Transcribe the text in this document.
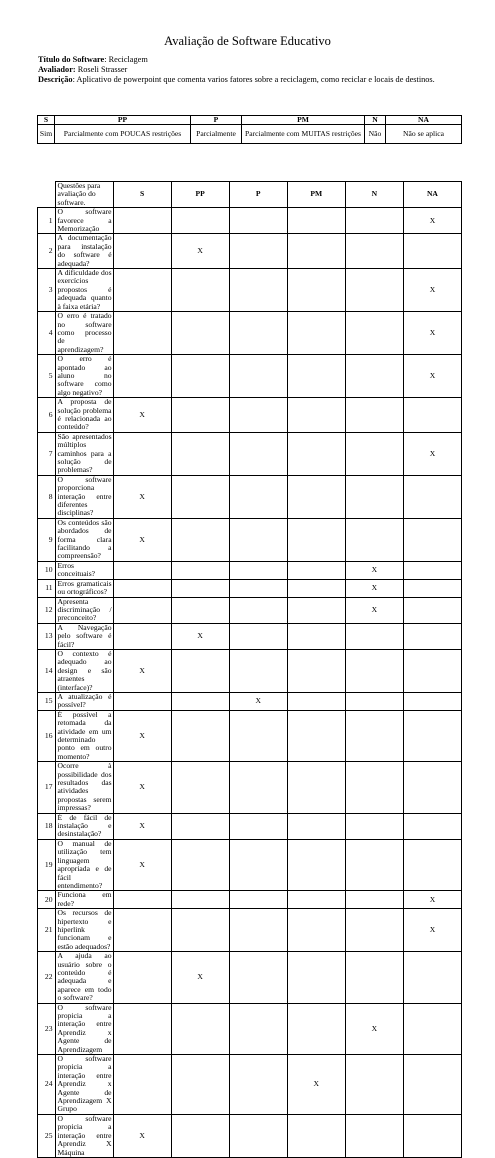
Avaliação de Software Educativo
Título do Software: Reciclagem
Avaliador: Roseli Strasser
Descrição: Aplicativo de powerpoint que comenta varios fatores sobre a reciclagem, como reciclar e locais de destinos.
S	PP	P	PM	N	NA
Sim	Parcialmente com POUCAS restrições	Parcialmente	Parcialmente com MUITAS restrições	Não	Não se aplica
	Questões para avaliação do software.	S	PP	P	PM	N	NA
1	O software favorece a Memorização						X
2	A documentação para instalação do software é adequada?		X				
3	A dificuldade dos exercícios propostos é adequada quanto à faixa etária?						X
4	O erro é tratado no software como processo de aprendizagem?						X
5	O erro é apontado ao aluno no software como algo negativo?						X
6	A proposta de solução problema é relacionada ao conteúdo?	X					
7	São apresentados múltiplos caminhos para a solução de problemas?						X
8	O software proporciona interação entre diferentes disciplinas?	X					
9	Os conteúdos são abordados de forma clara facilitando a compreensão?	X					
10	Erros conceituais?					X	
11	Erros gramaticais ou ortográficos?					X	
12	Apresenta discriminação / preconceito?					X	
13	A Navegação pelo software é fácil?		X				
14	O contexto é adequado ao design e são atraentes (interface)?	X					
15	A atualização é possível?			X			
16	É possível a retomada da atividade em um determinado ponto em outro momento?	X					
17	Ocorre à possibilidade dos resultados das atividades propostas serem impressas?	X					
18	É de fácil de instalação e desinstalação?	X					
19	O manual de utilização tem linguagem apropriada e de fácil entendimento?	X					
20	Funciona em rede?						X
21	Os recursos de hipertexto e hiperlink funcionam e estão adequados?						X
22	A ajuda ao usuário sobre o conteúdo é adequada e aparece em todo o software?		X				
23	O software propicia a interação entre Aprendiz x Agente de Aprendizagem					X	
24	O software propicia a interação entre Aprendiz x Agente de Aprendizagem X Grupo				X		
25	O software propicia a interação entre Aprendiz X Máquina	X					
